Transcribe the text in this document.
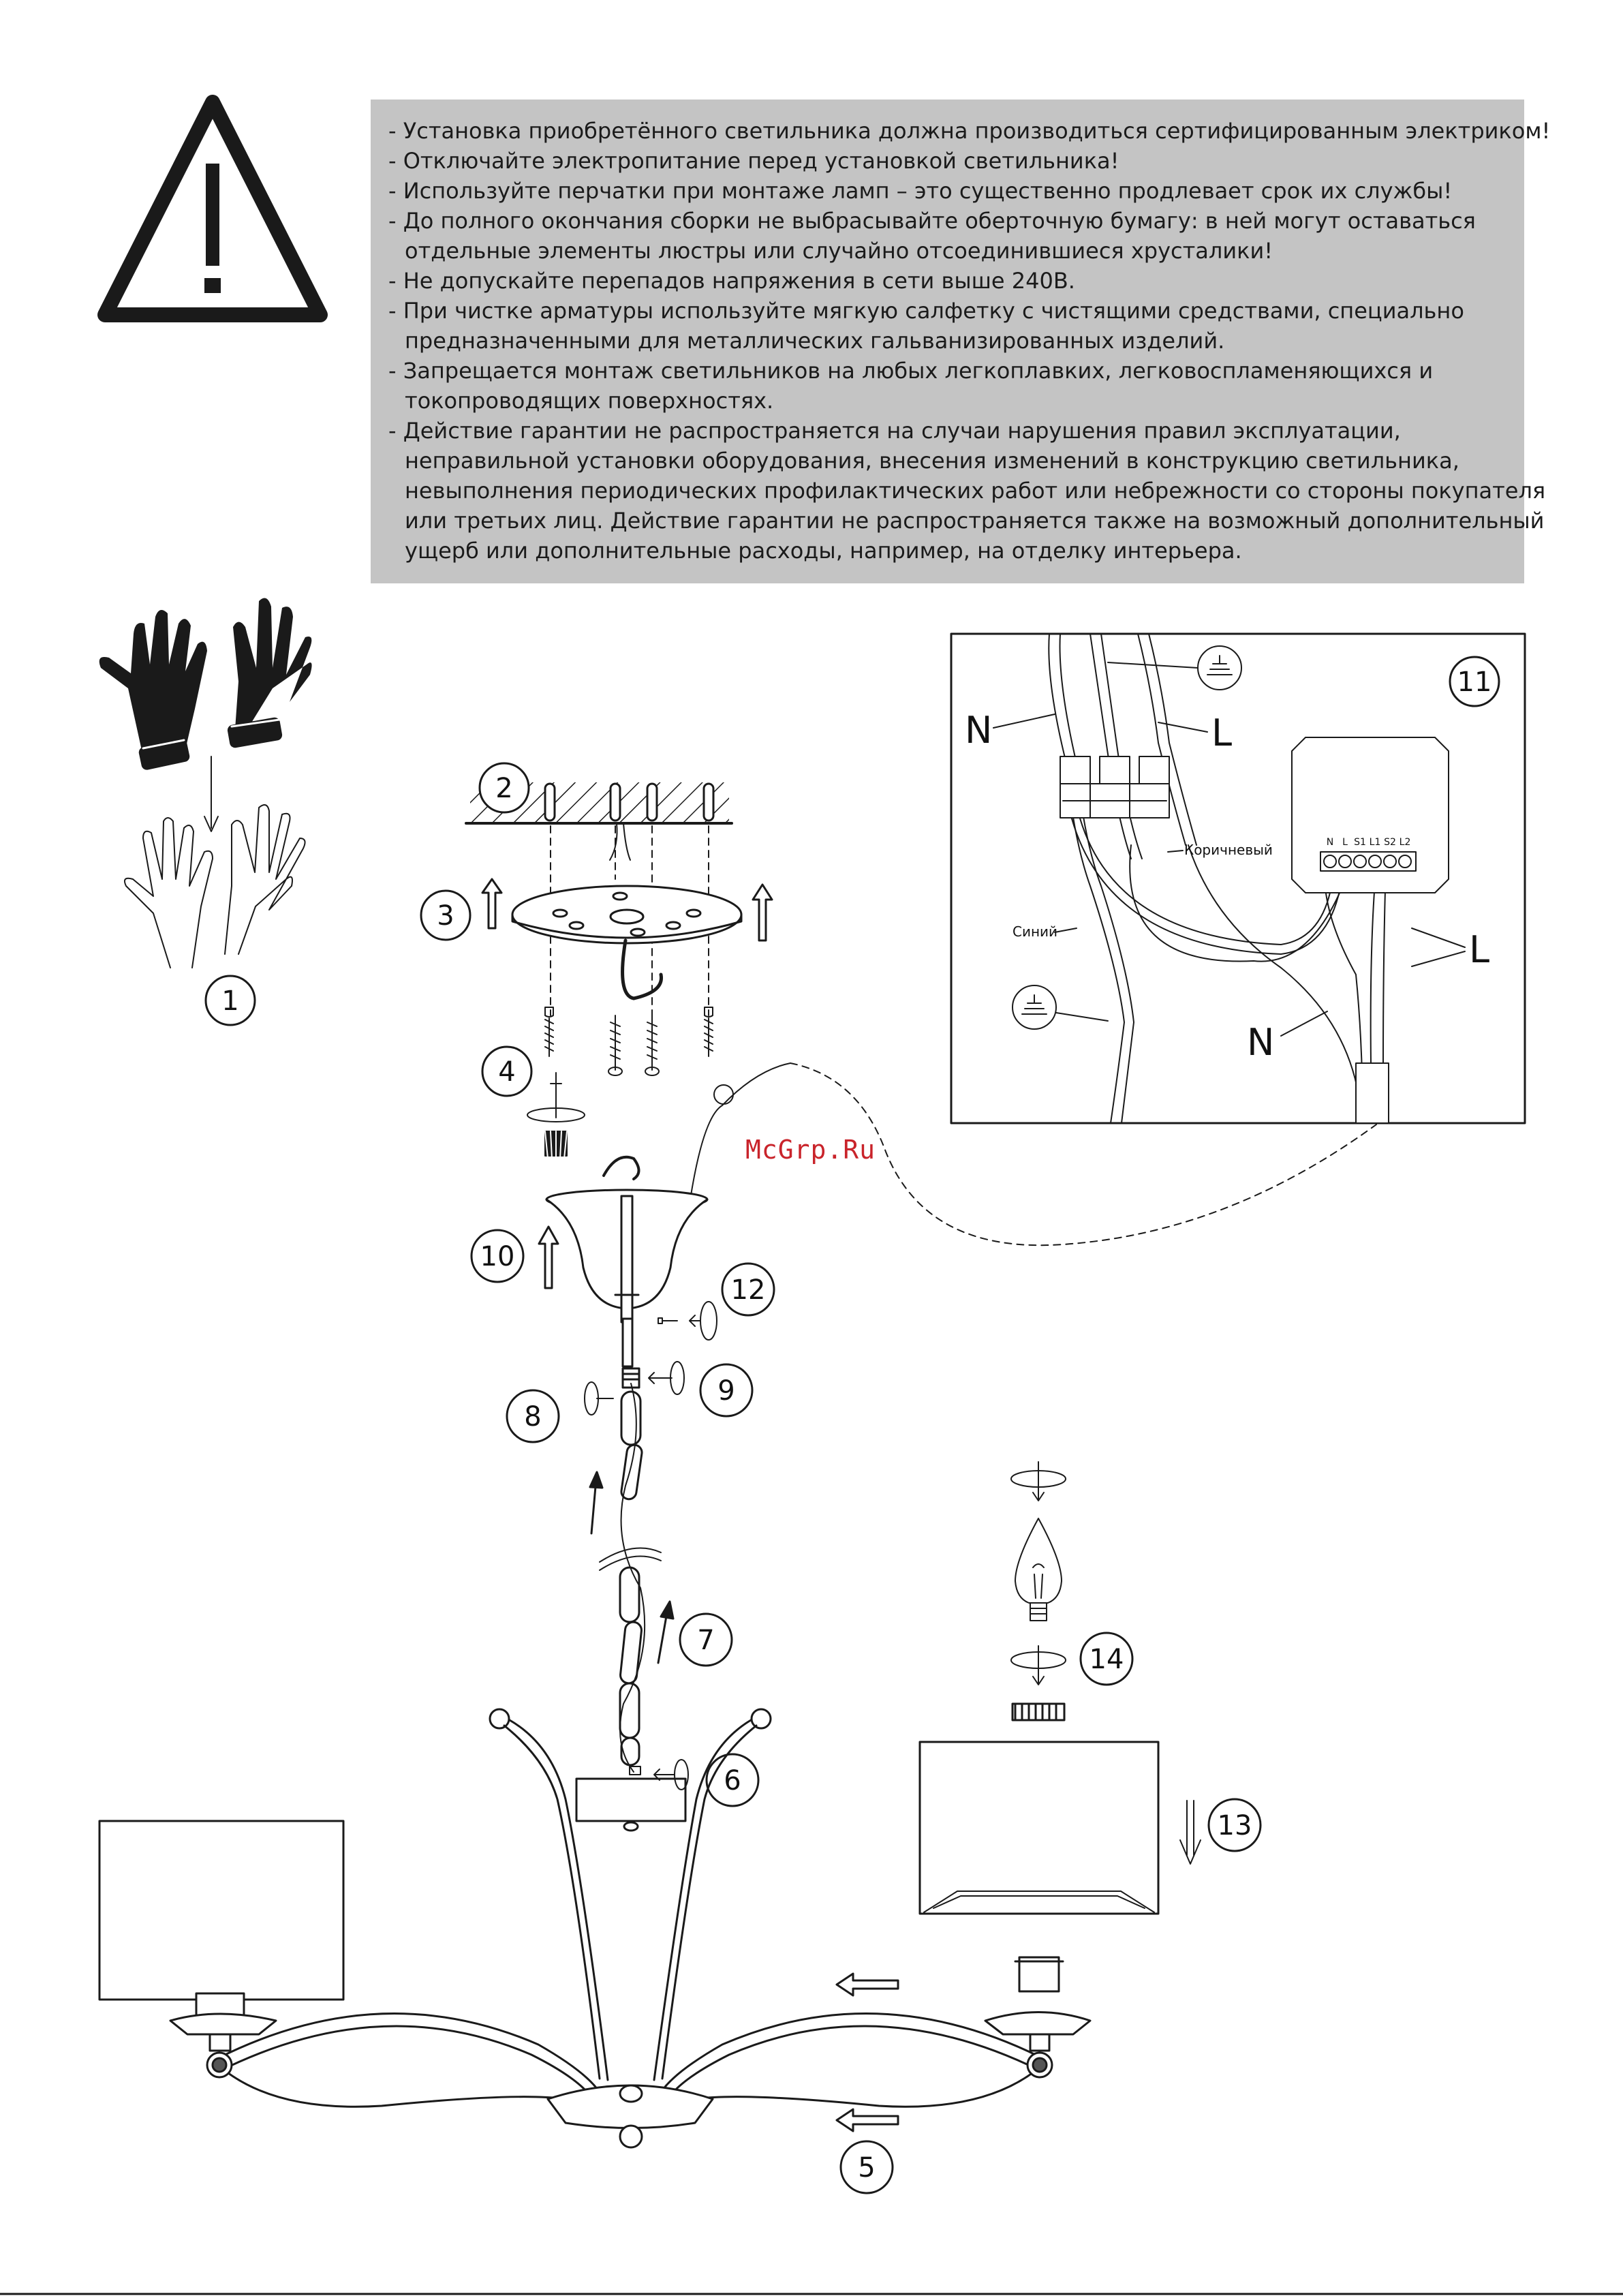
- Установка приобретённого светильника должна производиться сертифицированным электриком!
- Отключайте электропитание перед установкой светильника!
- Используйте перчатки при монтаже ламп – это существенно продлевает срок их службы!
- До полного окончания сборки не выбрасывайте оберточную бумагу: в ней могут оставаться
отдельные элементы люстры или случайно отсоединившиеся хрусталики!
- Не допускайте перепадов напряжения в сети выше 240В.
- При чистке арматуры используйте мягкую салфетку с чистящими средствами, специально
предназначенными для металлических гальванизированных изделий.
- Запрещается монтаж светильников на любых легкоплавких, легковоспламеняющихся и
токопроводящих поверхностях.
- Действие гарантии не распространяется на случаи нарушения правил эксплуатации,
неправильной установки оборудования, внесения изменений в конструкцию светильника,
невыполнения периодических профилактических работ или небрежности со стороны покупателя
или третьих лиц. Действие гарантии не распространяется также на возможный дополнительный
ущерб или дополнительные расходы, например, на отделку интерьера.
1
2
3
4
10
12
8
9
7
6
5
14
13
N L S1 L1 S2 L2
N	L
Коричневый
Синий	L
N
11
McGrp.Ru
